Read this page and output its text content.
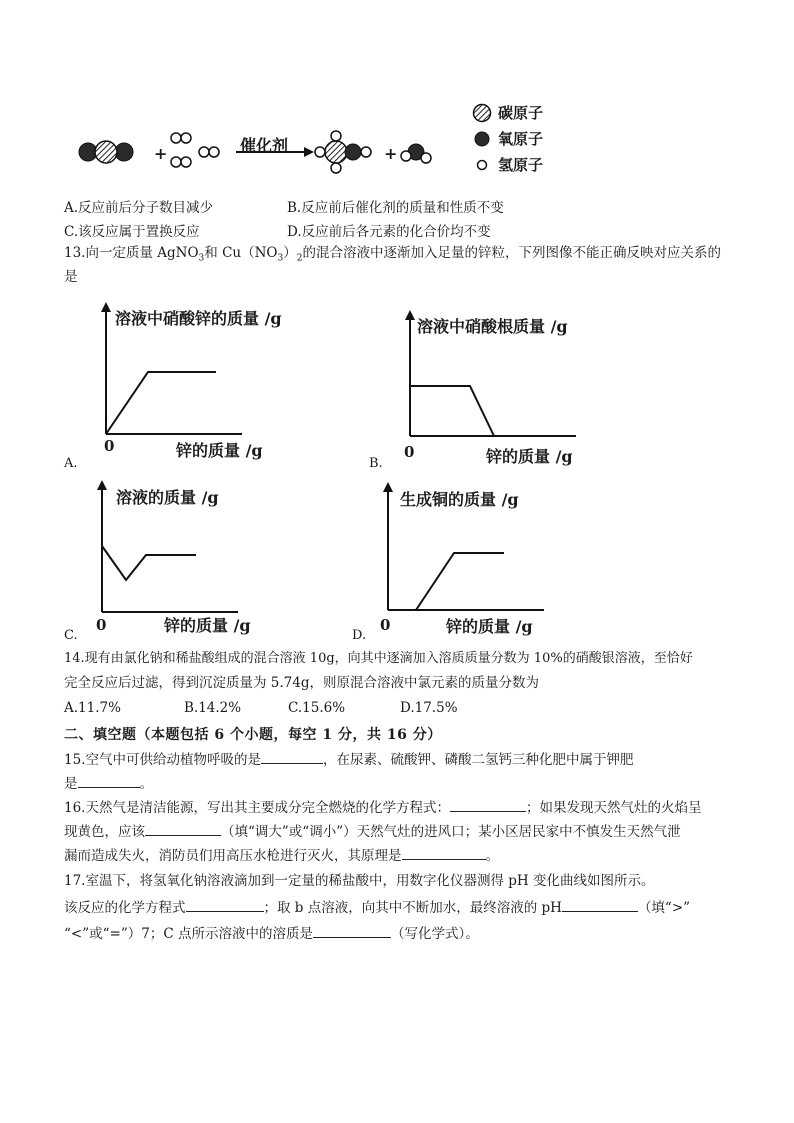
催化剂
+	+
碳原子
氧原子
氢原子
A.反应前后分子数目减少	B.反应前后催化剂的质量和性质不变
C.该反应属于置换反应	D.反应前后各元素的化合价均不变
13.向一定质量 AgNO$_3$和 $Cu(NO_3)_2$的混合溶液中逐渐加入足量的锌粒，下列图像不能正确反映对应关系的
是
溶液中硝酸锌的质量 /g
0	锌的质量 /g
A.
溶液中硝酸根质量 /g
0	锌的质量 /g
B.
溶液的质量 /g
0	锌的质量 /g
C.
生成铜的质量 /g
0	锌的质量 /g
D.
14.现有由氯化钠和稀盐酸组成的混合溶液 10g，向其中逐滴加入溶质质量分数为 10%的硝酸银溶液，至恰好
完全反应后过滤，得到沉淀质量为 5.74g，则原混合溶液中氯元素的质量分数为
A.11.7%	B.14.2%	C.15.6%	D.17.5%
二、填空题（本题包括 6 个小题，每空 1 分，共 16 分）
15.空气中可供给动植物呼吸的是	，在尿素、硫酸钾、磷酸二氢钙三种化肥中属于钾肥
是	。
16.天然气是清洁能源，写出其主要成分完全燃烧的化学方程式：	；如果发现天然气灶的火焰呈
现黄色，应该	（填“调大”或“调小”）天然气灶的进风口；某小区居民家中不慎发生天然气泄
漏而造成失火，消防员们用高压水枪进行灭火，其原理是	。
17.室温下，将氢氧化钠溶液滴加到一定量的稀盐酸中，用数字化仪器测得 pH 变化曲线如图所示。
该反应的化学方程式	；取 b 点溶液，向其中不断加水，最终溶液的 pH	（填“>”
“<”或“=”）7；C 点所示溶液中的溶质是	（写化学式）。
